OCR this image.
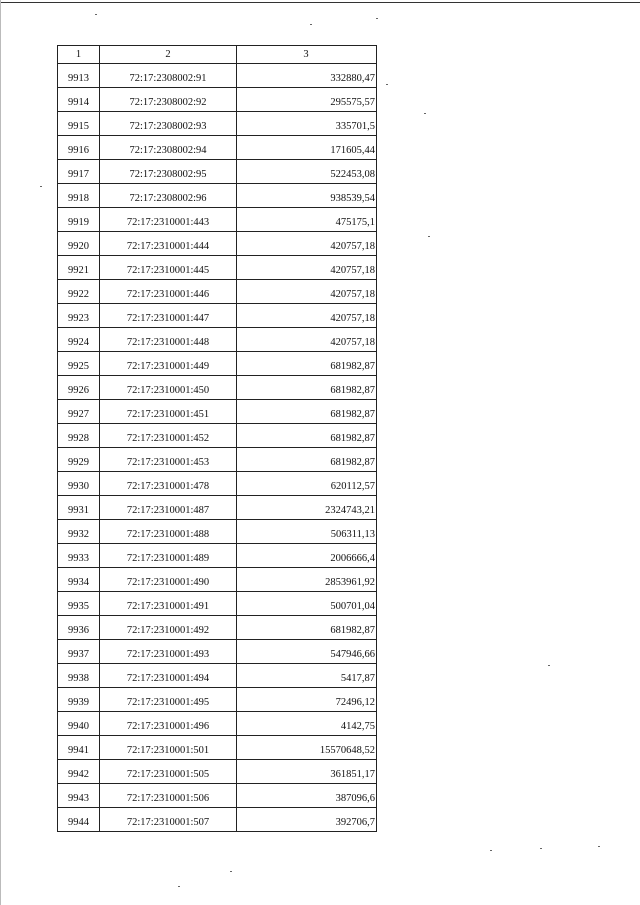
1	2	3
9913	72:17:2308002:91	332880,47
9914	72:17:2308002:92	295575,57
9915	72:17:2308002:93	335701,5
9916	72:17:2308002:94	171605,44
9917	72:17:2308002:95	522453,08
9918	72:17:2308002:96	938539,54
9919	72:17:2310001:443	475175,1
9920	72:17:2310001:444	420757,18
9921	72:17:2310001:445	420757,18
9922	72:17:2310001:446	420757,18
9923	72:17:2310001:447	420757,18
9924	72:17:2310001:448	420757,18
9925	72:17:2310001:449	681982,87
9926	72:17:2310001:450	681982,87
9927	72:17:2310001:451	681982,87
9928	72:17:2310001:452	681982,87
9929	72:17:2310001:453	681982,87
9930	72:17:2310001:478	620112,57
9931	72:17:2310001:487	2324743,21
9932	72:17:2310001:488	506311,13
9933	72:17:2310001:489	2006666,4
9934	72:17:2310001:490	2853961,92
9935	72:17:2310001:491	500701,04
9936	72:17:2310001:492	681982,87
9937	72:17:2310001:493	547946,66
9938	72:17:2310001:494	5417,87
9939	72:17:2310001:495	72496,12
9940	72:17:2310001:496	4142,75
9941	72:17:2310001:501	15570648,52
9942	72:17:2310001:505	361851,17
9943	72:17:2310001:506	387096,6
9944	72:17:2310001:507	392706,7
